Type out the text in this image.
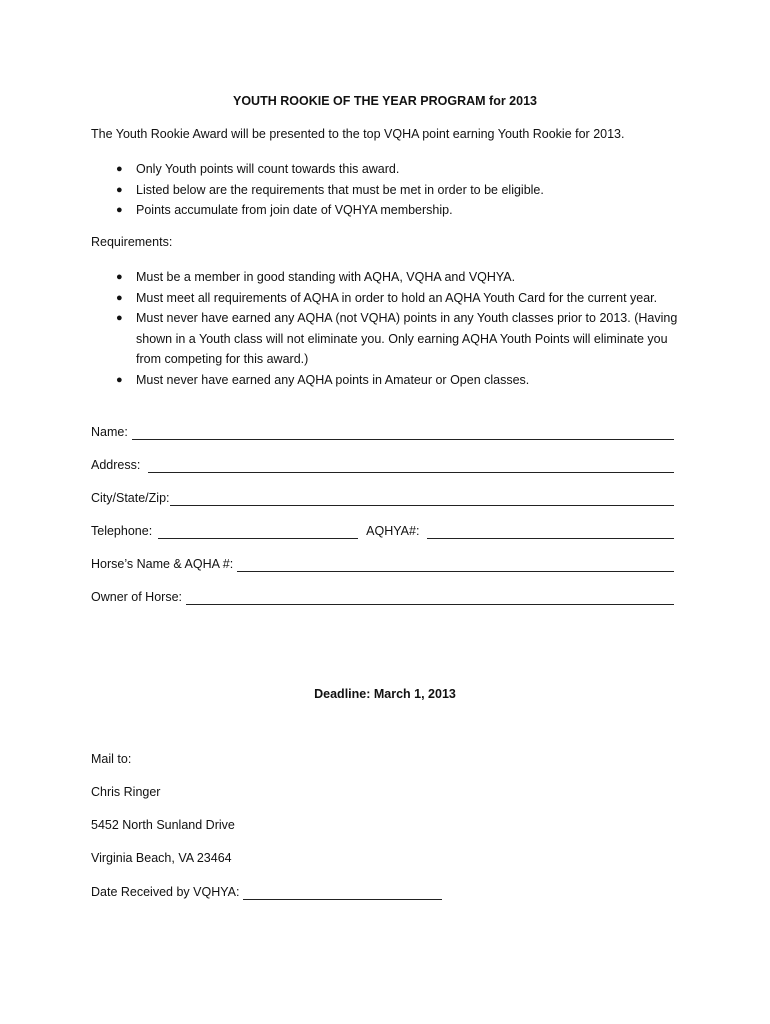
YOUTH ROOKIE OF THE YEAR PROGRAM for 2013
The Youth Rookie Award will be presented to the top VQHA point earning Youth Rookie for 2013.
● Only Youth points will count towards this award.
● Listed below are the requirements that must be met in order to be eligible.
● Points accumulate from join date of VQHYA membership.
Requirements:
● Must be a member in good standing with AQHA, VQHA and VQHYA.
● Must meet all requirements of AQHA in order to hold an AQHA Youth Card for the current year.
● Must never have earned any AQHA (not VQHA) points in any Youth classes prior to 2013. (Having shown in a Youth class will not eliminate you. Only earning AQHA Youth Points will eliminate you from competing for this award.)
● Must never have earned any AQHA points in Amateur or Open classes.
Name:
Address:
City/State/Zip:
Telephone:	AQHYA#:
Horse’s Name & AQHA #:
Owner of Horse:
Deadline: March 1, 2013
Mail to:
Chris Ringer
5452 North Sunland Drive
Virginia Beach, VA 23464
Date Received by VQHYA:
